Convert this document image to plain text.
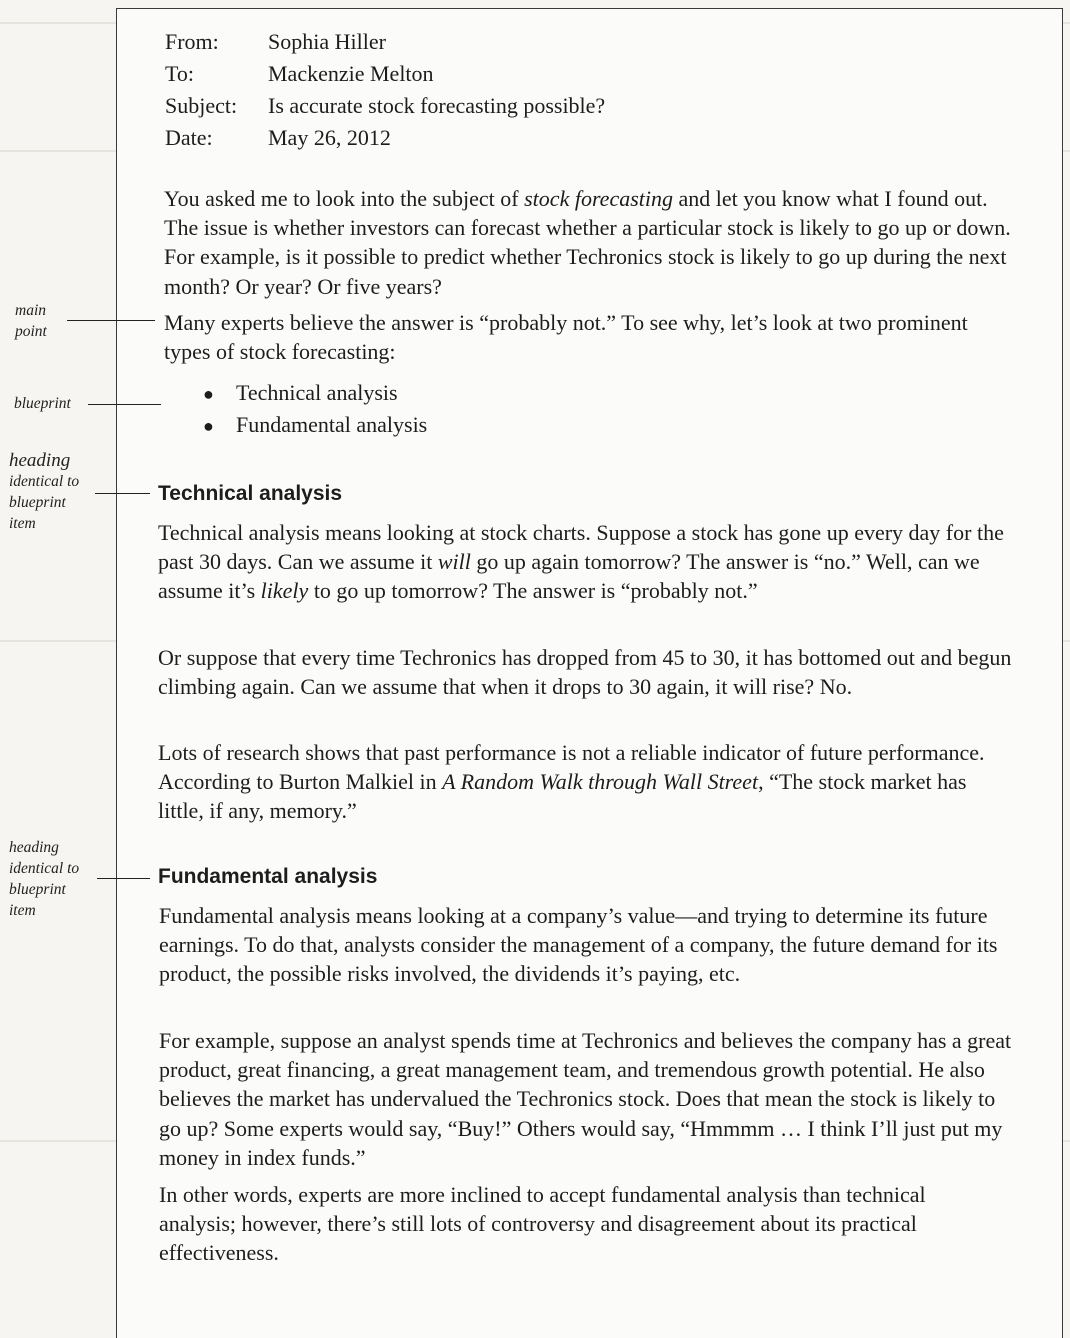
From: Sophia Hiller
To:	Mackenzie Melton
Subject: Is accurate stock forecasting possible?
Date:	May 26, 2012

You asked me to look into the subject of stock forecasting and let you know what I found out. The issue is whether investors can forecast whether a particular stock is likely to go up or down. For example, is it possible to predict whether Techronics stock is likely to go up during the next month? Or year? Or five years?

Many experts believe the answer is “probably not.” To see why, let’s look at two prominent types of stock forecasting:

● Technical analysis
● Fundamental analysis
Technical analysis

Technical analysis means looking at stock charts. Suppose a stock has gone up every day for the past 30 days. Can we assume it will go up again tomorrow? The answer is “no.” Well, can we assume it’s likely to go up tomorrow? The answer is “probably not.”

Or suppose that every time Techronics has dropped from 45 to 30, it has bottomed out and begun climbing again. Can we assume that when it drops to 30 again, it will rise? No.

Lots of research shows that past performance is not a reliable indicator of future performance. According to Burton Malkiel in A Random Walk through Wall Street, “The stock market has little, if any, memory.”

Fundamental analysis

Fundamental analysis means looking at a company’s value—and trying to determine its future earnings. To do that, analysts consider the management of a company, the future demand for its product, the possible risks involved, the dividends it’s paying, etc.

For example, suppose an analyst spends time at Techronics and believes the company has a great product, great financing, a great management team, and tremendous growth potential. He also believes the market has undervalued the Techronics stock. Does that mean the stock is likely to go up? Some experts would say, “Buy!” Others would say, “Hmmmm … I think I’ll just put my money in index funds.”

In other words, experts are more inclined to accept fundamental analysis than technical analysis; however, there’s still lots of controversy and disagreement about its practical effectiveness.

main
point
blueprint
heading
identical to
blueprint
item
heading
identical to
blueprint
item
